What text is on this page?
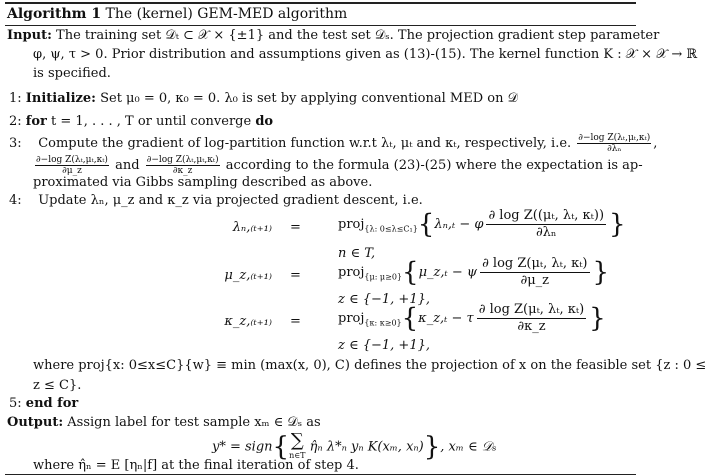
Algorithm 1 The (kernel) GEM-MED algorithm
Input: The training set 𝒟ₜ ⊂ 𝒳 × {±1} and the test set 𝒟ₛ. The projection gradient step parameter
φ, ψ, τ > 0. Prior distribution and assumptions given as (13)-(15). The kernel function K : 𝒳 × 𝒳 → ℝ
is specified.
1: Initialize: Set μ₀ = 0, κ₀ = 0. λ₀ is set by applying conventional MED on 𝒟
2: for t = 1, . . . , T or until converge do
3: Compute the gradient of log-partition function w.r.t λₜ, μₜ and κₜ, respectively, i.e. $\frac{\text{∂−log Z(λₜ,μₜ,κₜ)}}{\text{∂λₙ}}$ ,
$\frac{\text{∂−log Z(λₜ,μₜ,κₜ)}}{\partial\mu\_z}$ and $\frac{\text{∂−log Z(λₜ,μₜ,κₜ)}}{\partial\kappa\_z}$ according to the formula (23)-(25) where the expectation is ap-
proximated via Gibbs sampling described as above.
4: Update λₙ, μ_z and κ_z via projected gradient descent, i.e.
λₙ,₍ₜ₊₁₎ =	proj$_{\{\lambda: 0\le\lambda\le C_1\}}${λₙ,ₜ − φ $\frac{\text{∂ log Z((μₜ, λₜ, κₜ))}}{\text{∂λₙ}}$ }
n ∈ T,
μ_z,₍ₜ₊₁₎ =	proj$_{\{\mu: \mu\ge 0\}}${μ_z,ₜ − ψ $\frac{\text{∂ log Z(μₜ, λₜ, κₜ)}}{\partial\mu\_z}$ }
z ∈ {−1, +1},
κ_z,₍ₜ₊₁₎ =	proj$_{\{\kappa: \kappa\ge 0\}}${κ_z,ₜ − τ $\frac{\text{∂ log Z(μₜ, λₜ, κₜ)}}{\partial\kappa\_z}$ }
z ∈ {−1, +1},
where proj{x: 0≤x≤C}{w} ≡ min (max(x, 0), C) defines the projection of x on the feasible set {z : 0 ≤
z ≤ C}.
5: end for
Output: Assign label for test sample xₘ ∈ 𝒟ₛ as
y* = sign{ ∑
n∈T
η̂ₙ λ*ₙ yₙ K(xₘ, xₙ)}, xₘ ∈ 𝒟ₛ
where η̂ₙ = E [ηₙ|f] at the final iteration of step 4.
